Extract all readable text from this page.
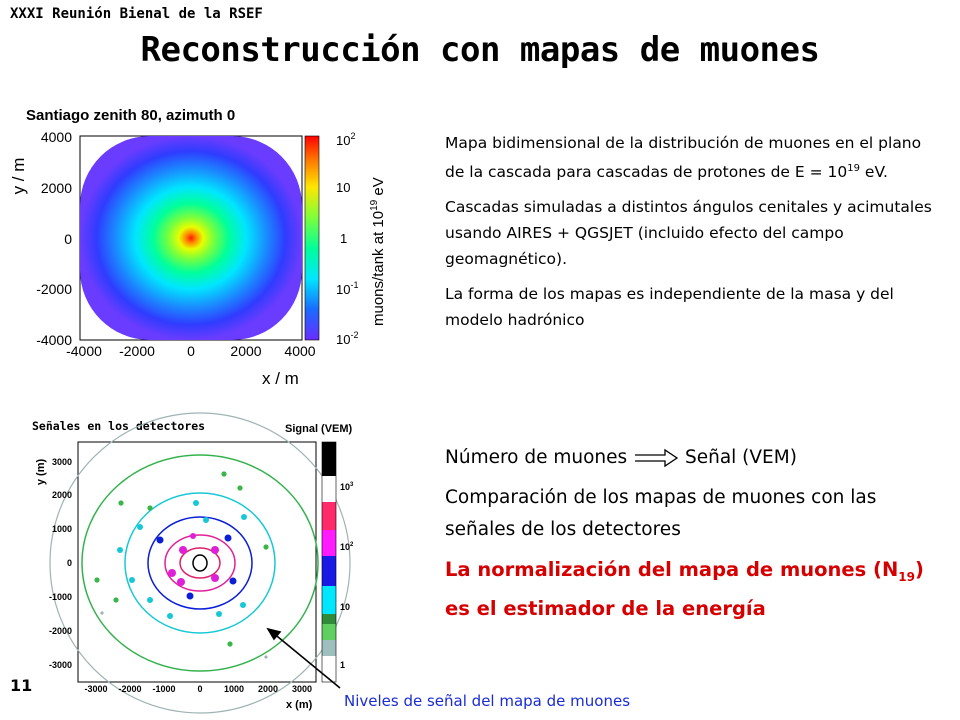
XXXI Reunión Bienal de la RSEF
Reconstrucción con mapas de muones
Santiago zenith 80, azimuth 0
-4000 -2000 0	2000 4000
4000
2000
0
-2000
-4000
x / m
y / m
$10^2$
10
1
$10^{-1}$
$10^{-2}$
muons/tank at $10^{19}$ eV
Señales en los detectores	Signal (VEM)
-3000 -2000 -1000 0 1000 2000 3000
3000
2000
1000
0
-1000
-2000
-3000
x (m)
y (m)
$10^3$
$10^2$
10
1

Mapa bidimensional de la distribución de muones en el plano de la cascada para cascadas de protones de $E = 10^{19}$ eV.

Cascadas simuladas a distintos ángulos cenitales y acimutales usando AIRES + QGSJET (incluido efecto del campo geomagnético).

La forma de los mapas es independiente de la masa y del modelo hadrónico

Número de muones	Señal (VEM)

Comparación de los mapas de muones con las señales de los detectores

La normalización del mapa de muones $(N_{19})$ es el estimador de la energía

11
Niveles de señal del mapa de muones
